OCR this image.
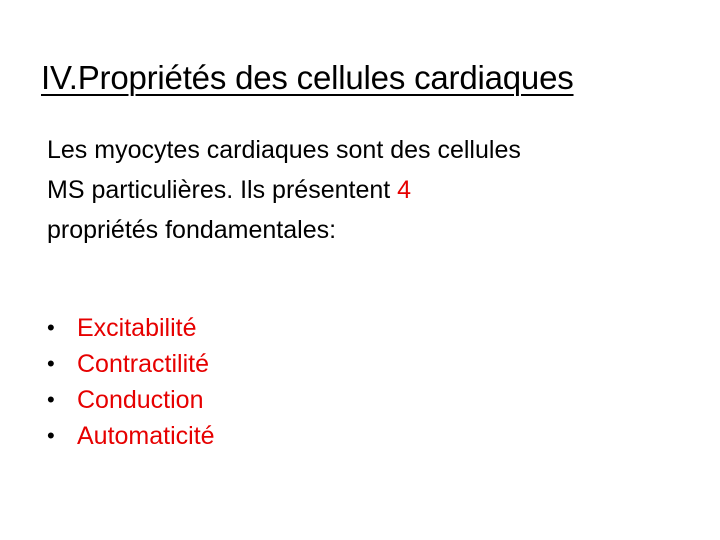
IV.Propriétés des cellules cardiaques

Les myocytes cardiaques sont des cellules

MS particulières. Ils présentent 4

propriétés fondamentales:

• Excitabilité
• Contractilité
• Conduction
• Automaticité
